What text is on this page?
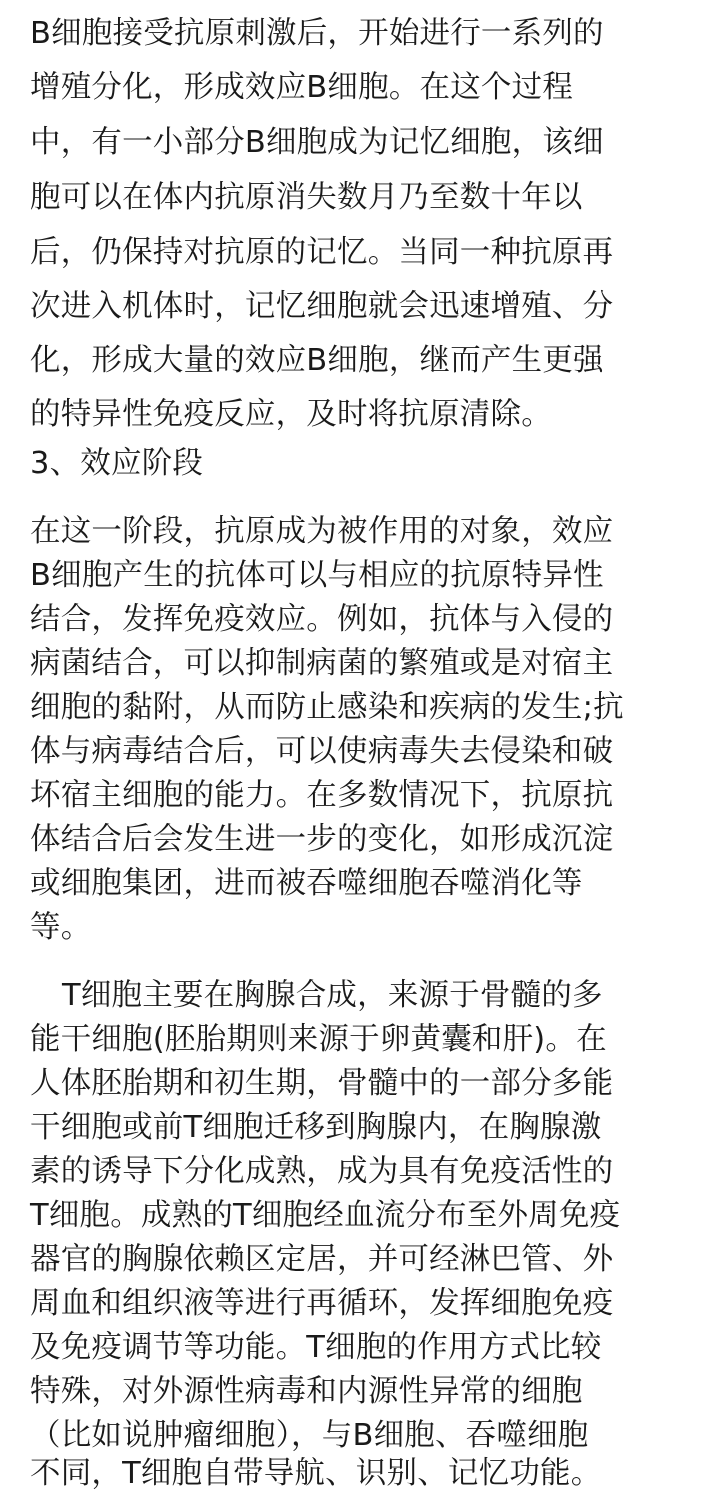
B细胞接受抗原刺激后，开始进行一系列的
增殖分化，形成效应B细胞。在这个过程
中，有一小部分B细胞成为记忆细胞，该细
胞可以在体内抗原消失数月乃至数十年以
后，仍保持对抗原的记忆。当同一种抗原再
次进入机体时，记忆细胞就会迅速增殖、分
化，形成大量的效应B细胞，继而产生更强
的特异性免疫反应，及时将抗原清除。
3、效应阶段
在这一阶段，抗原成为被作用的对象，效应
B细胞产生的抗体可以与相应的抗原特异性
结合，发挥免疫效应。例如，抗体与入侵的
病菌结合，可以抑制病菌的繁殖或是对宿主
细胞的黏附，从而防止感染和疾病的发生;抗
体与病毒结合后，可以使病毒失去侵染和破
坏宿主细胞的能力。在多数情况下，抗原抗
体结合后会发生进一步的变化，如形成沉淀
或细胞集团，进而被吞噬细胞吞噬消化等
等。
T细胞主要在胸腺合成，来源于骨髓的多
能干细胞(胚胎期则来源于卵黄囊和肝)。在
人体胚胎期和初生期，骨髓中的一部分多能
干细胞或前T细胞迁移到胸腺内，在胸腺激
素的诱导下分化成熟，成为具有免疫活性的
T细胞。成熟的T细胞经血流分布至外周免疫
器官的胸腺依赖区定居，并可经淋巴管、外
周血和组织液等进行再循环，发挥细胞免疫
及免疫调节等功能。T细胞的作用方式比较
特殊，对外源性病毒和内源性异常的细胞
（比如说肿瘤细胞），与B细胞、吞噬细胞
不同，T细胞自带导航、识别、记忆功能。
